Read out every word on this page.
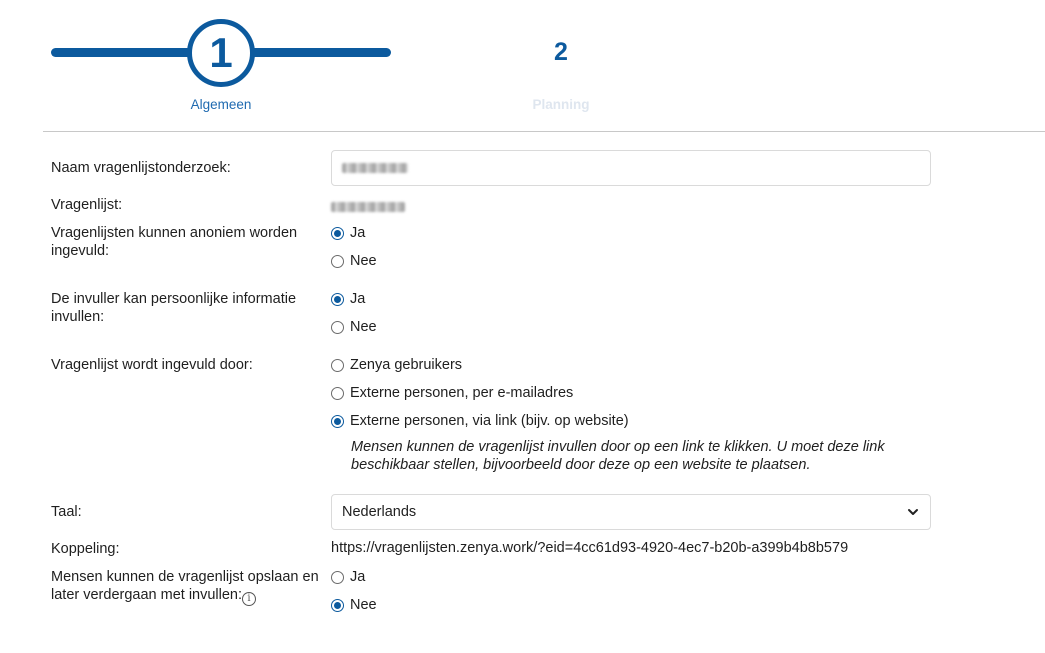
1	2
Algemeen	Planning
Naam vragenlijstonderzoek:
Vragenlijst:
Vragenlijsten kunnen anoniem worden ingevuld:
Ja
Nee
De invuller kan persoonlijke informatie invullen:
Ja
Nee
Vragenlijst wordt ingevuld door:	Zenya gebruikers
Externe personen, per e-mailadres
Externe personen, via link (bijv. op website)
Mensen kunnen de vragenlijst invullen door op een link te klikken. U moet deze link beschikbaar stellen, bijvoorbeeld door deze op een website te plaatsen.
Taal:	Nederlands
Koppeling:	https://vragenlijsten.zenya.work/?eid=4cc61d93-4920-4ec7-b20b-a399b4b8b579
Mensen kunnen de vragenlijst opslaan en later verdergaan met invullen: i
Ja
Nee
